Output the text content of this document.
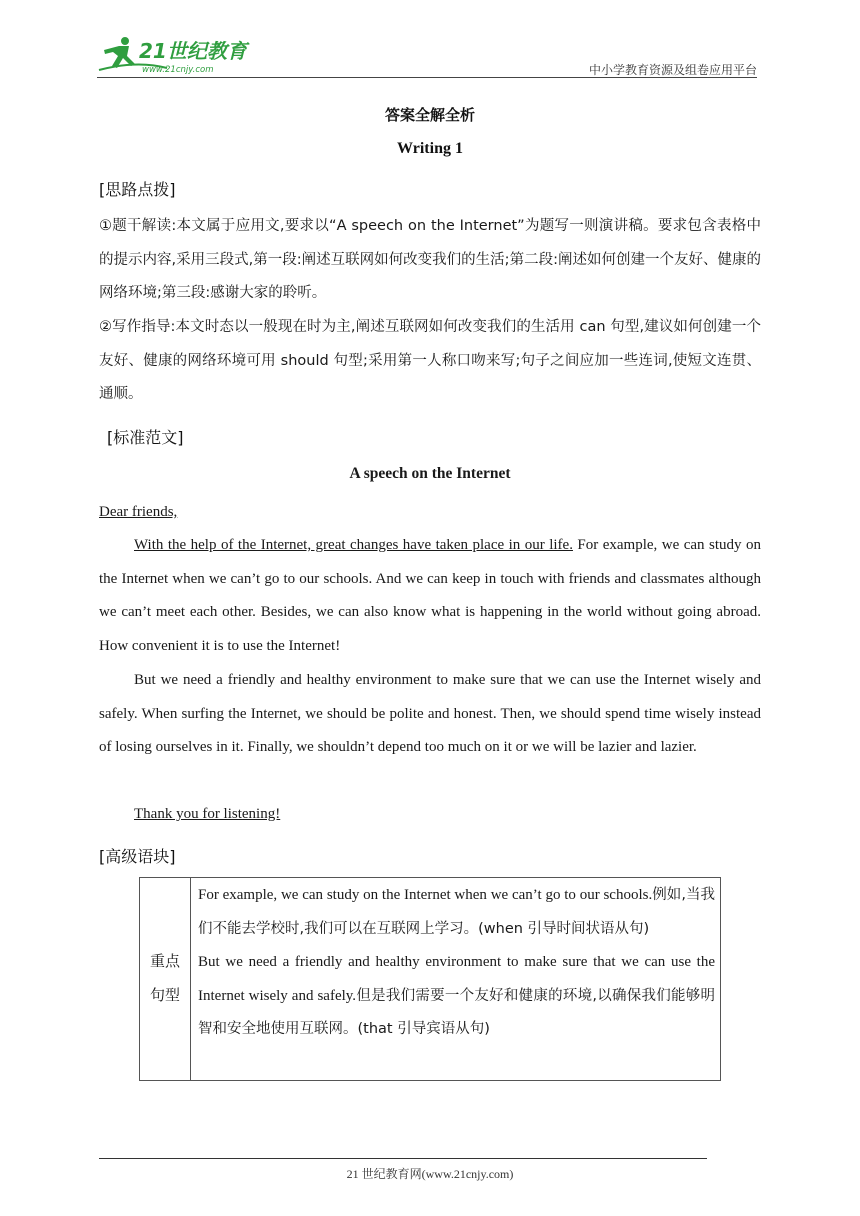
21世纪教育
www.21cnjy.com	中小学教育资源及组卷应用平台
答案全解全析
Writing 1
[思路点拨]
①题干解读:本文属于应用文,要求以“A speech on the Internet”为题写一则演讲稿。要求包含表格中的提示内容,采用三段式,第一段:阐述互联网如何改变我们的生活;第二段:阐述如何创建一个友好、健康的网络环境;第三段:感谢大家的聆听。
②写作指导:本文时态以一般现在时为主,阐述互联网如何改变我们的生活用 can 句型,建议如何创建一个友好、健康的网络环境可用 should 句型;采用第一人称口吻来写;句子之间应加一些连词,使短文连贯、通顺。
[标准范文]
A speech on the Internet
Dear friends,
With the help of the Internet, great changes have taken place in our life. For example, we can study on the Internet when we can’t go to our schools. And we can keep in touch with friends and classmates although we can’t meet each other. Besides, we can also know what is happening in the world without going abroad. How convenient it is to use the Internet!
But we need a friendly and healthy environment to make sure that we can use the Internet wisely and safely. When surfing the Internet, we should be polite and honest. Then, we should spend time wisely instead of losing ourselves in it. Finally, we shouldn’t depend too much on it or we will be lazier and lazier.
Thank you for listening!
[高级语块]
重点句型
For example, we can study on the Internet when we can’t go to our schools.例如,当我们不能去学校时,我们可以在互联网上学习。(when 引导时间状语从句)
But we need a friendly and healthy environment to make sure that we can use the Internet wisely and safely.但是我们需要一个友好和健康的环境,以确保我们能够明智和安全地使用互联网。(that 引导宾语从句)
21 世纪教育网(www.21cnjy.com)
